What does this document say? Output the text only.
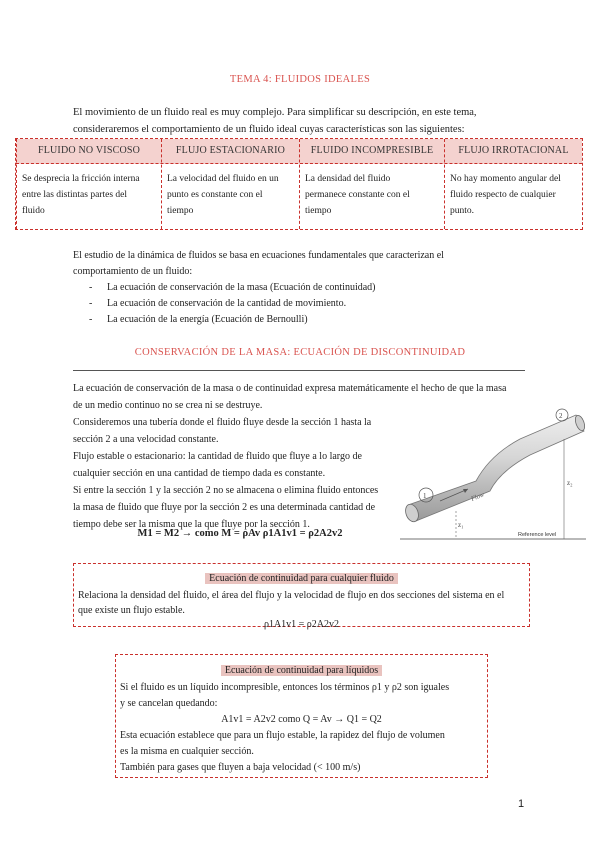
TEMA 4: FLUIDOS IDEALES
El movimiento de un fluido real es muy complejo. Para simplificar su descripción, en este tema,
consideraremos el comportamiento de un fluido ideal cuyas características son las siguientes:
FLUIDO NO VISCOSO
Se desprecia la fricción interna
entre las distintas partes del
fluido
FLUJO ESTACIONARIO
La velocidad del fluido en un
punto es constante con el
tiempo
FLUIDO INCOMPRESIBLE
La densidad del fluido
permanece constante con el
tiempo
FLUJO IRROTACIONAL
No hay momento angular del
fluido respecto de cualquier
punto.
El estudio de la dinámica de fluidos se basa en ecuaciones fundamentales que caracterizan el
comportamiento de un fluido:
- La ecuación de conservación de la masa (Ecuación de continuidad)
- La ecuación de conservación de la cantidad de movimiento.
- La ecuación de la energía (Ecuación de Bernoulli)
CONSERVACIÓN DE LA MASA: ECUACIÓN DE DISCONTINUIDAD
La ecuación de conservación de la masa o de continuidad expresa matemáticamente el hecho de que la masa
de un medio continuo no se crea ni se destruye.
Consideremos una tubería donde el fluido fluye desde la sección 1 hasta la
sección 2 a una velocidad constante.
Flujo estable o estacionario: la cantidad de fluido que fluye a lo largo de
cualquier sección en una cantidad de tiempo dada es constante.
Si entre la sección 1 y la sección 2 no se almacena o elimina fluido entonces
la masa de fluido que fluye por la sección 2 es una determinada cantidad de
tiempo debe ser la misma que la que fluye por la sección 1.
M1 = M2 → como M = ρAv ρ1A1v1 = ρ2A2v2
1
2
z₁
z₂
Flow
Reference level
Ecuación de continuidad para cualquier fluido
Relaciona la densidad del fluido, el área del flujo y la velocidad de flujo en dos secciones del sistema en el
que existe un flujo estable.
ρ1A1v1 = ρ2A2v2
Ecuación de continuidad para líquidos
Si el fluido es un líquido incompresible, entonces los términos ρ1 y ρ2 son iguales
y se cancelan quedando:
A1v1 = A2v2 como Q = Av → Q1 = Q2
Esta ecuación establece que para un flujo estable, la rapidez del flujo de volumen
es la misma en cualquier sección.
También para gases que fluyen a baja velocidad (< 100 m/s)
1
